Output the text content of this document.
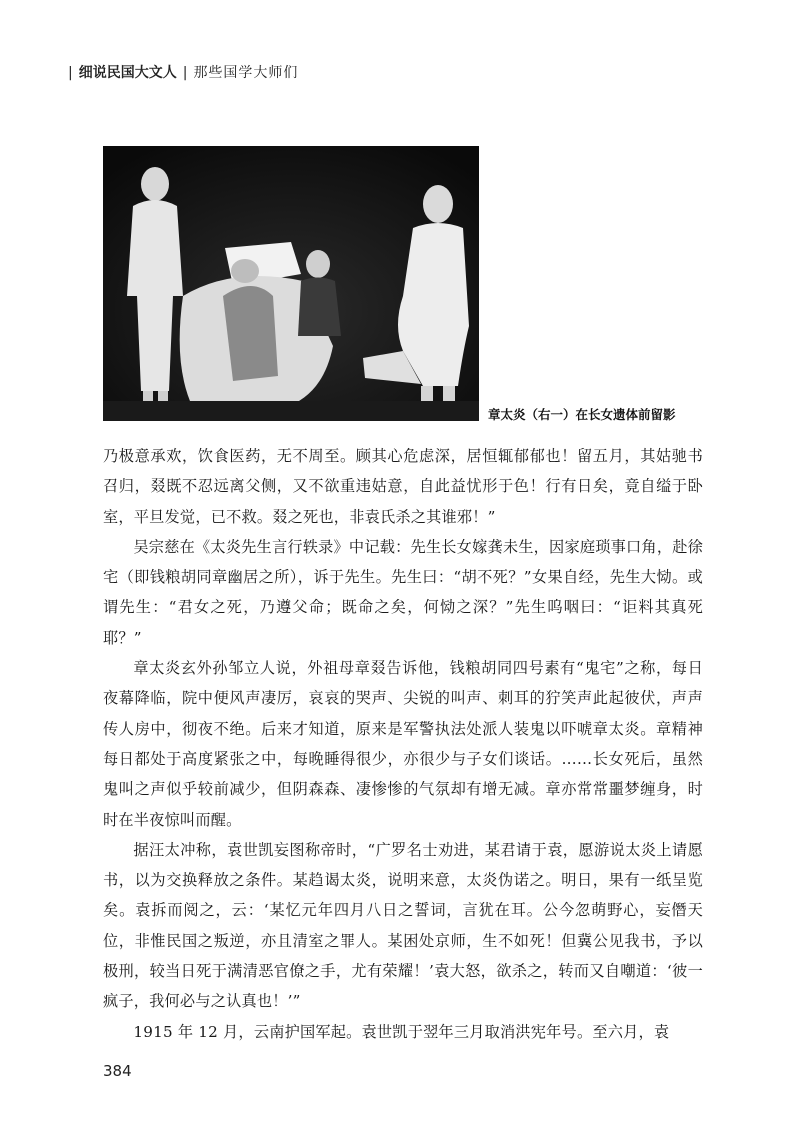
| 细说民国大文人 | 那些国学大师们
章太炎（右一）在长女遗体前留影

乃极意承欢，饮食医药，无不周至。顾其心危虑深，居恒辄郁郁也！留五月，其姑驰书召归，叕既不忍远离父侧，又不欲重违姑意，自此益忧形于色！行有日矣，竟自缢于卧室，平旦发觉，已不救。叕之死也，非袁氏杀之其谁邪！”

吴宗慈在《太炎先生言行轶录》中记载：先生长女嫁龚未生，因家庭琐事口角，赴徐宅（即钱粮胡同章幽居之所），诉于先生。先生曰：“胡不死？”女果自经，先生大恸。或谓先生：“君女之死，乃遵父命；既命之矣，何恸之深？”先生呜咽曰：“讵料其真死耶？”

章太炎玄外孙邹立人说，外祖母章叕告诉他，钱粮胡同四号素有“鬼宅”之称，每日夜幕降临，院中便风声凄厉，哀哀的哭声、尖锐的叫声、刺耳的狞笑声此起彼伏，声声传人房中，彻夜不绝。后来才知道，原来是军警执法处派人装鬼以吓唬章太炎。章精神每日都处于高度紧张之中，每晚睡得很少，亦很少与子女们谈话。……长女死后，虽然鬼叫之声似乎较前减少，但阴森森、凄惨惨的气氛却有增无减。章亦常常噩梦缠身，时时在半夜惊叫而醒。

据汪太冲称，袁世凯妄图称帝时，“广罗名士劝进，某君请于袁，愿游说太炎上请愿书，以为交换释放之条件。某趋谒太炎，说明来意，太炎伪诺之。明日，果有一纸呈览矣。袁拆而阅之，云：‘某忆元年四月八日之誓词，言犹在耳。公今忽萌野心，妄僭天位，非惟民国之叛逆，亦且清室之罪人。某困处京师，生不如死！但冀公见我书，予以极刑，较当日死于满清恶官僚之手，尤有荣耀！’袁大怒，欲杀之，转而又自嘲道：‘彼一疯子，我何必与之认真也！’”

1915 年 12 月，云南护国军起。袁世凯于翌年三月取消洪宪年号。至六月，袁

384
